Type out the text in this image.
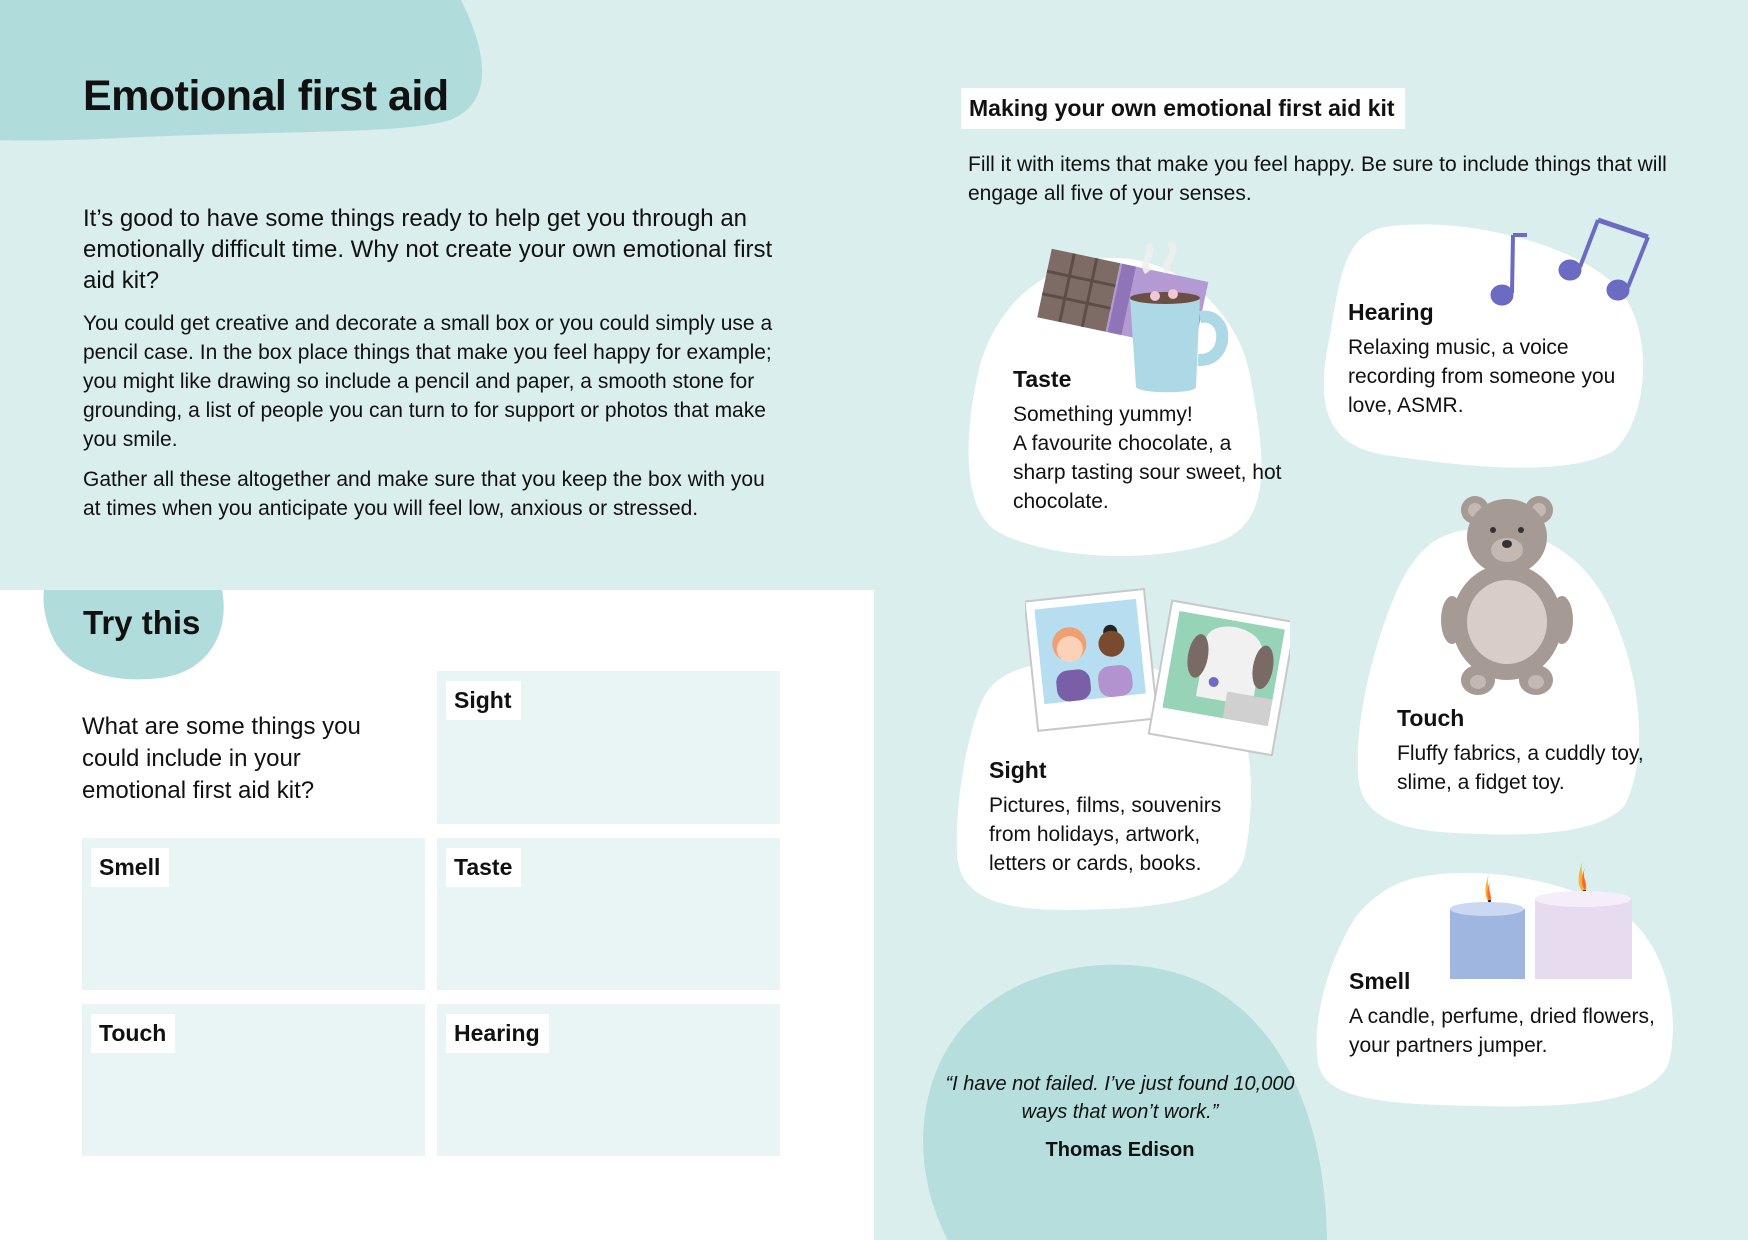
Emotional first aid

It’s good to have some things ready to help get you through an emotionally difficult time. Why not create your own emotional first aid kit?

You could get creative and decorate a small box or you could simply use a pencil case. In the box place things that make you feel happy for example; you might like drawing so include a pencil and paper, a smooth stone for grounding, a list of people you can turn to for support or photos that make you smile.

Gather all these altogether and make sure that you keep the box with you at times when you anticipate you will feel low, anxious or stressed.

Try this

What are some things you could include in your emotional first aid kit?

Sight
Smell	Taste
Touch	Hearing
Making your own emotional first aid kit

Fill it with items that make you feel happy. Be sure to include things that will engage all five of your senses.

Taste
Something yummy!
A favourite chocolate, a sharp tasting sour sweet, hot chocolate.
Hearing
Relaxing music, a voice recording from someone you love, ASMR.
Sight
Pictures, films, souvenirs from holidays, artwork, letters or cards, books.
Touch
Fluffy fabrics, a cuddly toy, slime, a fidget toy.
Smell
A candle, perfume, dried flowers, your partners jumper.

“I have not failed. I’ve just found 10,000 ways that won’t work.”

Thomas Edison
